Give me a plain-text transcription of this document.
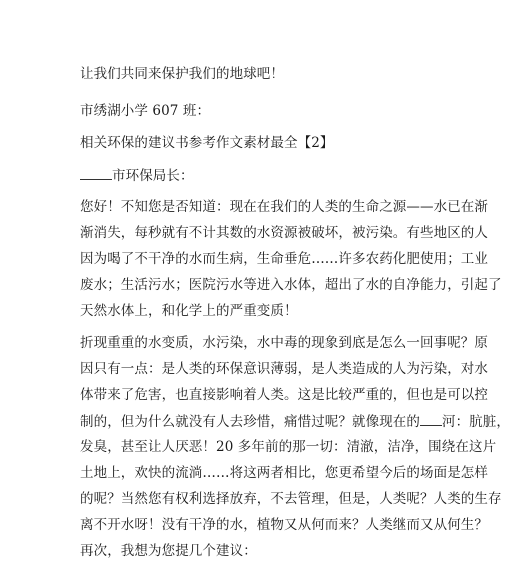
让我们共同来保护我们的地球吧！
市绣湖小学 607 班：
相关环保的建议书参考作文素材最全【2】
市环保局长：
您好！不知您是否知道：现在在我们的人类的生命之源——水已在渐
渐消失，每秒就有不计其数的水资源被破坏，被污染。有些地区的人
因为喝了不干净的水而生病，生命垂危……许多农药化肥使用；工业
废水；生活污水；医院污水等进入水体，超出了水的自净能力，引起了
天然水体上，和化学上的严重变质！
折现重重的水变质，水污染，水中毒的现象到底是怎么一回事呢？原
因只有一点：是人类的环保意识薄弱，是人类造成的人为污染，对水
体带来了危害，也直接影响着人类。这是比较严重的，但也是可以控
制的，但为什么就没有人去珍惜，痛惜过呢？就像现在的 河：肮脏，
发臭，甚至让人厌恶！20 多年前的那一切：清澈，洁净，围绕在这片
土地上，欢快的流淌……将这两者相比，您更希望今后的场面是怎样
的呢？当然您有权利选择放弃，不去管理，但是，人类呢？人类的生存
离不开水呀！没有干净的水，植物又从何而来？人类继而又从何生？
再次，我想为您提几个建议：
